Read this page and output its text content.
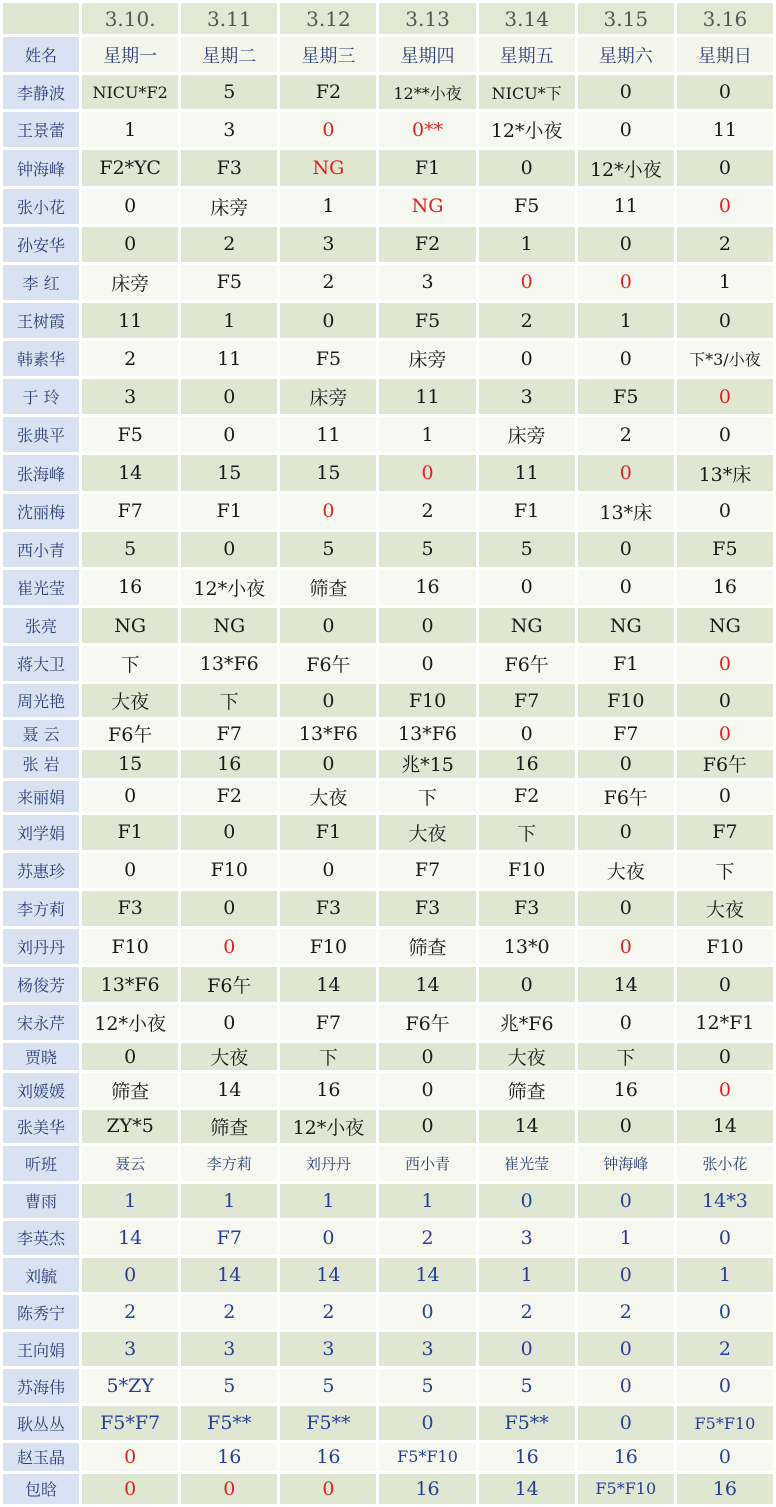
	3.10.	3.11	3.12	3.13	3.14	3.15	3.16
姓名	星期一	星期二	星期三	星期四	星期五	星期六	星期日
李静波	NICU*F2	5	F2	12**小夜	NICU*下	0	0
王景蕾	1	3	0	0**	12*小夜	0	11
钟海峰	F2*YC	F3	NG	F1	0	12*小夜	0
张小花	0	床旁	1	NG	F5	11	0
孙安华	0	2	3	F2	1	0	2
李 红	床旁	F5	2	3	0	0	1
王树霞	11	1	0	F5	2	1	0
韩素华	2	11	F5	床旁	0	0	下*3/小夜
于 玲	3	0	床旁	11	3	F5	0
张典平	F5	0	11	1	床旁	2	0
张海峰	14	15	15	0	11	0	13*床
沈丽梅	F7	F1	0	2	F1	13*床	0
西小青	5	0	5	5	5	0	F5
崔光莹	16	12*小夜	筛查	16	0	0	16
张亮	NG	NG	0	0	NG	NG	NG
蒋大卫	下	13*F6	F6午	0	F6午	F1	0
周光艳	大夜	下	0	F10	F7	F10	0
聂 云	F6午	F7	13*F6	13*F6	0	F7	0
张 岩	15	16	0	兆*15	16	0	F6午
来丽娟	0	F2	大夜	下	F2	F6午	0
刘学娟	F1	0	F1	大夜	下	0	F7
苏惠珍	0	F10	0	F7	F10	大夜	下
李方莉	F3	0	F3	F3	F3	0	大夜
刘丹丹	F10	0	F10	筛查	13*0	0	F10
杨俊芳	13*F6	F6午	14	14	0	14	0
宋永芹	12*小夜	0	F7	F6午	兆*F6	0	12*F1
贾晓	0	大夜	下	0	大夜	下	0
刘媛媛	筛查	14	16	0	筛查	16	0
张美华	ZY*5	筛查	12*小夜	0	14	0	14
听班	聂云	李方莉	刘丹丹	西小青	崔光莹	钟海峰	张小花
曹雨	1	1	1	1	0	0	14*3
李英杰	14	F7	0	2	3	1	0
刘毓	0	14	14	14	1	0	1
陈秀宁	2	2	2	0	2	2	0
王向娟	3	3	3	3	0	0	2
苏海伟	5*ZY	5	5	5	5	0	0
耿丛丛	F5*F7	F5**	F5**	0	F5**	0	F5*F10
赵玉晶	0	16	16	F5*F10	16	16	0
包晗	0	0	0	16	14	F5*F10	16
